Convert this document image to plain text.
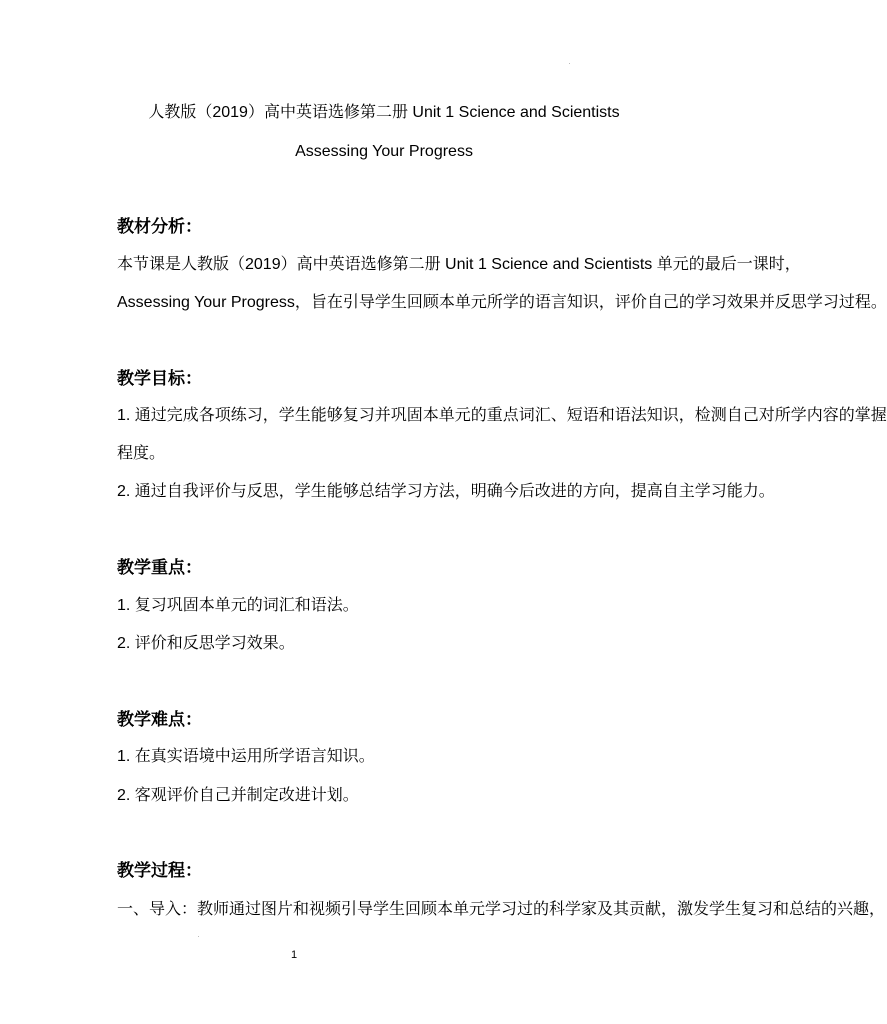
人教版（2019）高中英语选修第二册 Unit 1 Science and Scientists
Assessing Your Progress
教材分析：
本节课是人教版（2019）高中英语选修第二册 Unit 1 Science and Scientists 单元的最后一课时，
Assessing Your Progress，旨在引导学生回顾本单元所学的语言知识，评价自己的学习效果并反思学习过程。
教学目标：
1. 通过完成各项练习，学生能够复习并巩固本单元的重点词汇、短语和语法知识，检测自己对所学内容的掌握
程度。
2. 通过自我评价与反思，学生能够总结学习方法，明确今后改进的方向，提高自主学习能力。
教学重点：
1. 复习巩固本单元的词汇和语法。
2. 评价和反思学习效果。
教学难点：
1. 在真实语境中运用所学语言知识。
2. 客观评价自己并制定改进计划。
教学过程：
一、导入：教师通过图片和视频引导学生回顾本单元学习过的科学家及其贡献，激发学生复习和总结的兴趣，
1
